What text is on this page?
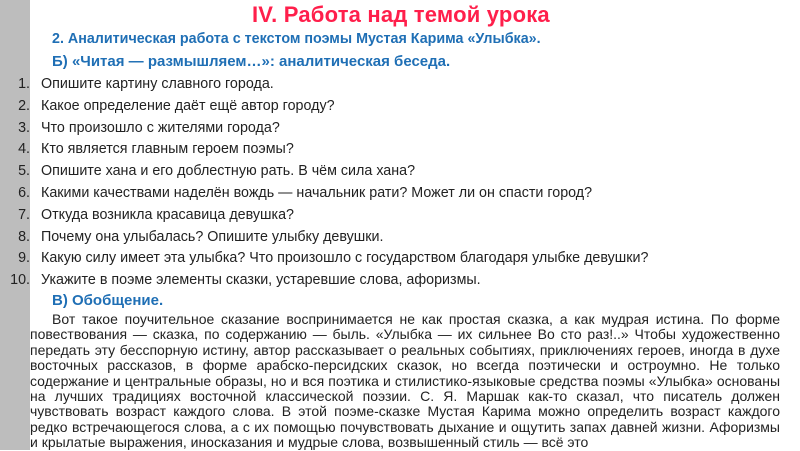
IV. Работа над темой урока
2. Аналитическая работа с текстом поэмы Мустая Карима «Улыбка».
Б) «Читая — размышляем…»: аналитическая беседа.
1. Опишите картину славного города.
2. Какое определение даёт ещё автор городу?
3. Что произошло с жителями города?
4. Кто является главным героем поэмы?
5. Опишите хана и его доблестную рать. В чём сила хана?
6. Какими качествами наделён вождь — начальник рати? Может ли он спасти город?
7. Откуда возникла красавица девушка?
8. Почему она улыбалась? Опишите улыбку девушки.
9. Какую силу имеет эта улыбка? Что произошло с государством благодаря улыбке девушки?
10. Укажите в поэме элементы сказки, устаревшие слова, афоризмы.
В) Обобщение.

Вот такое поучительное сказание воспринимается не как простая сказка, а как мудрая истина. По форме повествования — сказка, по содержанию — быль. «Улыбка — их сильнее Во сто раз!..» Чтобы художественно передать эту бесспорную истину, автор рассказывает о реальных событиях, приключениях героев, иногда в духе восточных рассказов, в форме арабско-персидских сказок, но всегда поэтически и остроумно. Не только содержание и центральные образы, но и вся поэтика и стилистико-языковые средства поэмы «Улыбка» основаны на лучших традициях восточной классической поэзии. С. Я. Маршак как-то сказал, что писатель должен чувствовать возраст каждого слова. В этой поэме-сказке Мустая Карима можно определить возраст каждого редко встречающегося слова, а с их помощью почувствовать дыхание и ощутить запах давней жизни. Афоризмы и крылатые выражения, иносказания и мудрые слова, возвышенный стиль — всё это
